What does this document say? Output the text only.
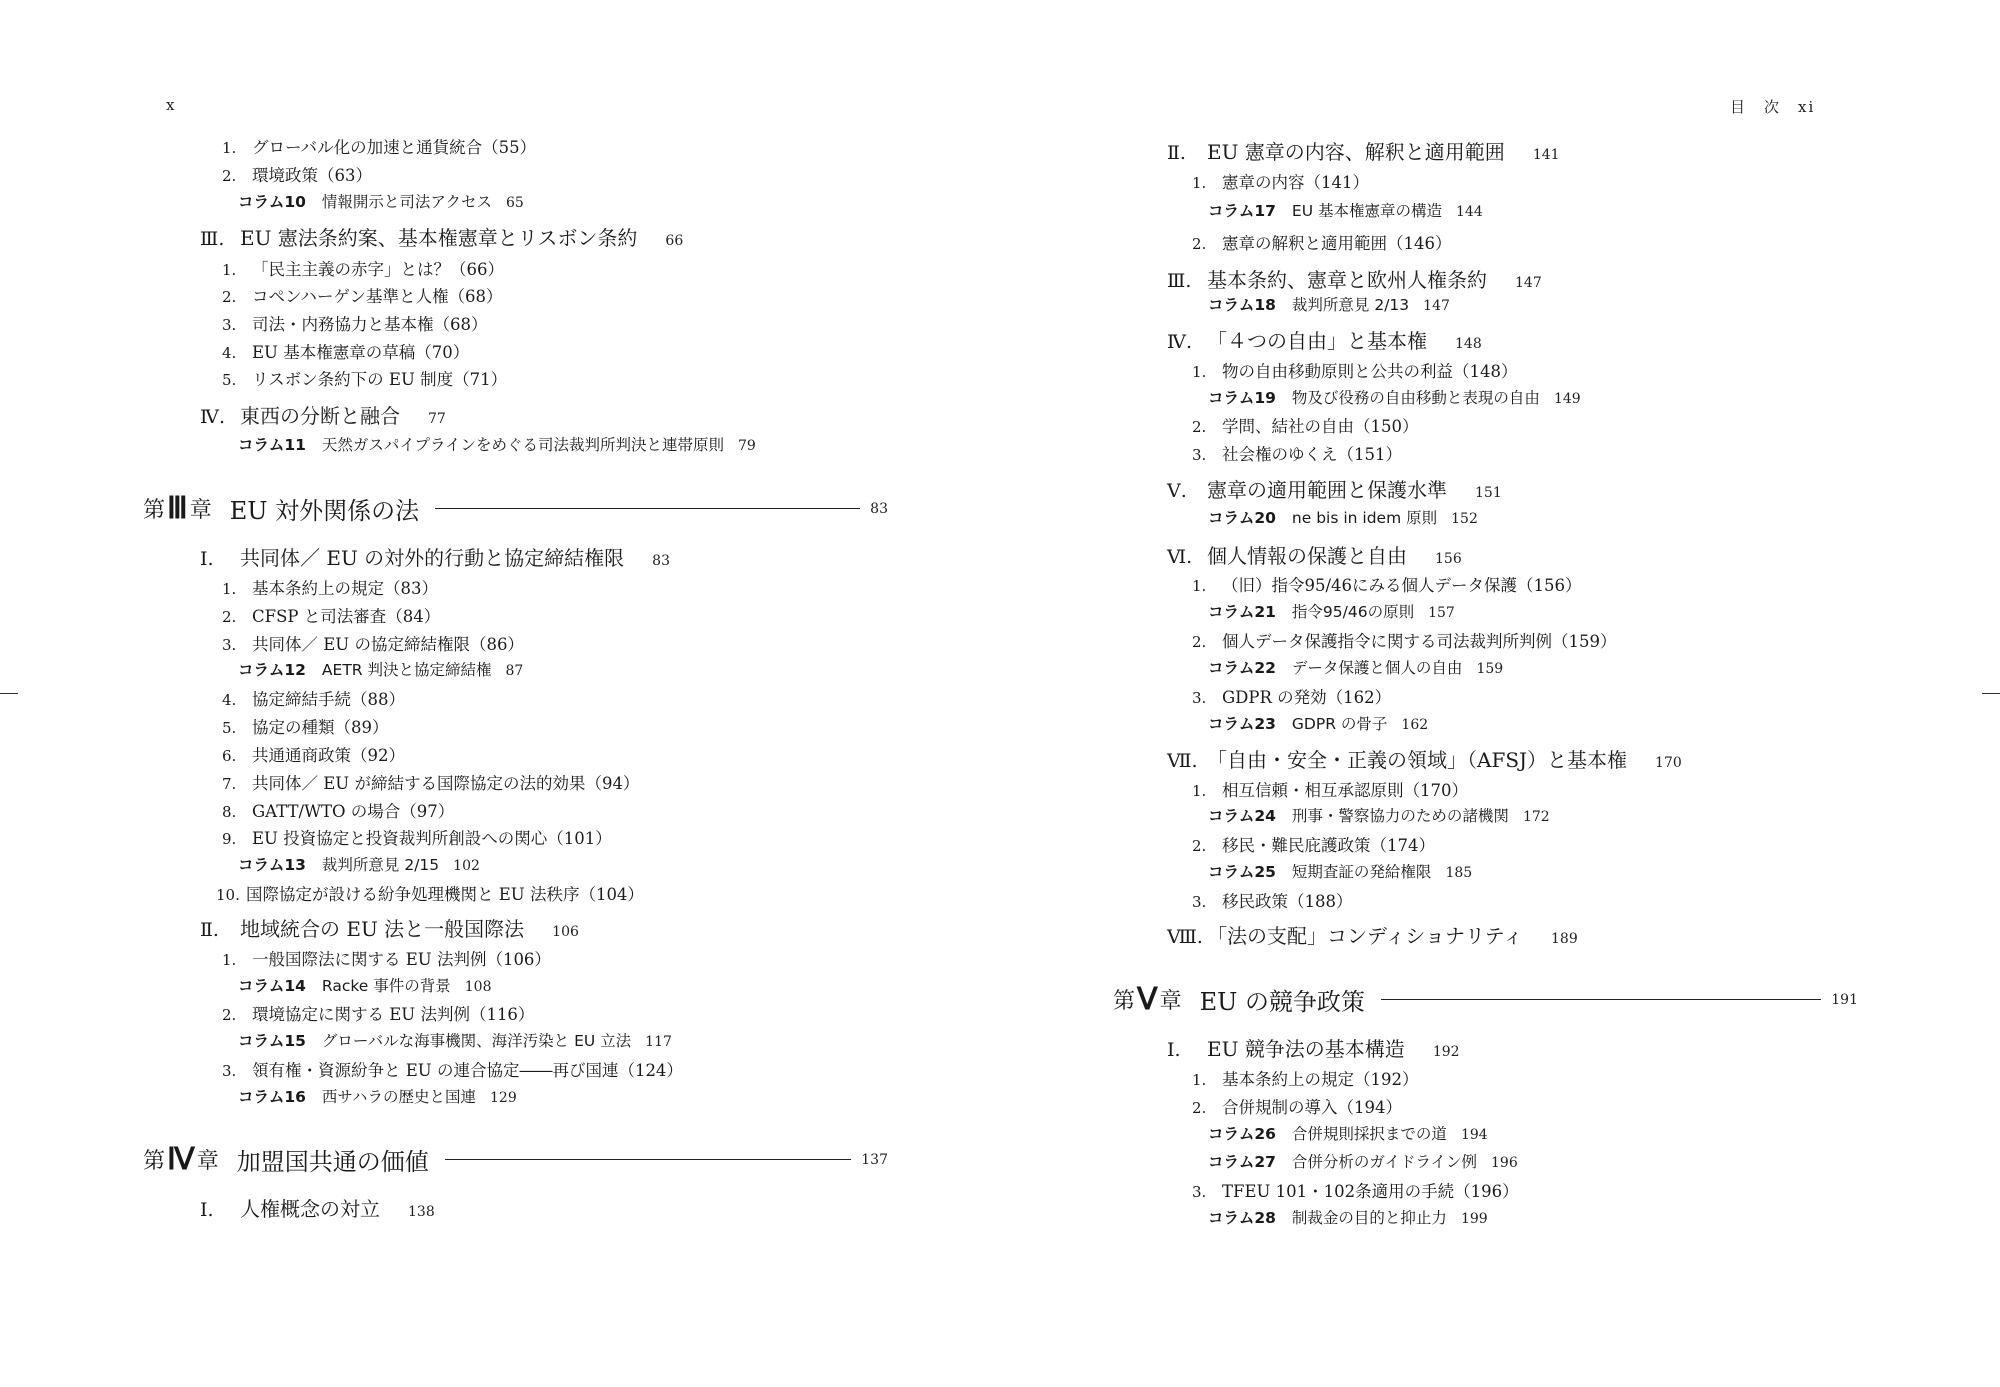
x
1. グローバル化の加速と通貨統合（55）
2. 環境政策（63）
コラム10 情報開示と司法アクセス 65
Ⅲ. EU 憲法条約案、基本権憲章とリスボン条約 66
1. 「民主主義の赤字」とは？（66）
2. コペンハーゲン基準と人権（68）
3. 司法・内務協力と基本権（68）
4. EU 基本権憲章の草稿（70）
5. リスボン条約下の EU 制度（71）
Ⅳ. 東西の分断と融合 77
コラム11 天然ガスパイプラインをめぐる司法裁判所判決と連帯原則 79
第 Ⅲ 章 EU 対外関係の法	83
Ⅰ.	共同体／ EU の対外的行動と協定締結権限 83
1. 基本条約上の規定（83）
2. CFSP と司法審査（84）
3. 共同体／ EU の協定締結権限（86）
コラム12 AETR 判決と協定締結権 87
4. 協定締結手続（88）
5. 協定の種類（89）
6. 共通通商政策（92）
7. 共同体／ EU が締結する国際協定の法的効果（94）
8. GATT/WTO の場合（97）
9. EU 投資協定と投資裁判所創設への関心（101）
コラム13 裁判所意見 2/15 102
10. 国際協定が設ける紛争処理機関と EU 法秩序（104）
Ⅱ.	地域統合の EU 法と一般国際法 106
1. 一般国際法に関する EU 法判例（106）
コラム14 Racke 事件の背景 108
2. 環境協定に関する EU 法判例（116）
コラム15 グローバルな海事機関、海洋汚染と EU 立法 117
3. 領有権・資源紛争と EU の連合協定――再び国連（124）
コラム16 西サハラの歴史と国連 129
第 Ⅳ 章 加盟国共通の価値	137
Ⅰ.	人権概念の対立 138
目　次　xi
Ⅱ.	EU 憲章の内容、解釈と適用範囲 141
1. 憲章の内容（141）
コラム17 EU 基本権憲章の構造 144
2. 憲章の解釈と適用範囲（146）
Ⅲ. 基本条約、憲章と欧州人権条約 147
コラム18 裁判所意見 2/13 147
Ⅳ. 「４つの自由」と基本権 148
1. 物の自由移動原則と公共の利益（148）
コラム19 物及び役務の自由移動と表現の自由 149
2. 学問、結社の自由（150）
3. 社会権のゆくえ（151）
Ⅴ.	憲章の適用範囲と保護水準 151
コラム20 ne bis in idem 原則 152
Ⅵ. 個人情報の保護と自由 156
1. （旧）指令95/46にみる個人データ保護（156）
コラム21 指令95/46の原則 157
2. 個人データ保護指令に関する司法裁判所判例（159）
コラム22 データ保護と個人の自由 159
3. GDPR の発効（162）
コラム23 GDPR の骨子 162
Ⅶ. 「自由・安全・正義の領域」（AFSJ）と基本権 170
1. 相互信頼・相互承認原則（170）
コラム24 刑事・警察協力のための諸機関 172
2. 移民・難民庇護政策（174）
コラム25 短期査証の発給権限 185
3. 移民政策（188）
Ⅷ. 「法の支配」コンディショナリティ 189
第 Ⅴ 章 EU の競争政策	191
Ⅰ.	EU 競争法の基本構造 192
1. 基本条約上の規定（192）
2. 合併規制の導入（194）
コラム26 合併規則採択までの道 194
コラム27 合併分析のガイドライン例 196
3. TFEU 101・102条適用の手続（196）
コラム28 制裁金の目的と抑止力 199
